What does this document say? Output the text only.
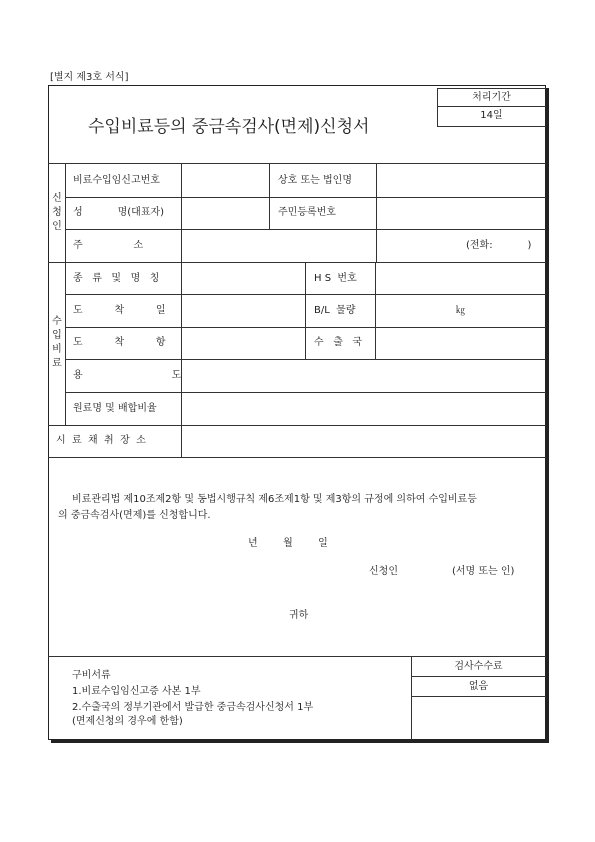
[별지 제3호 서식]
수입비료등의 중금속검사(면제)신청서
처리기간
14일
신
청
인
비료수입임신고번호	상호 또는 법인명
성           명(대표자)	주민등록번호
주                소	(전화:           )
수
입
비
료
종   류   및   명   칭	H S  번호
도          착          일	B/L  물량	㎏
도          착          항	수   출   국
용                            도
원료명 및 배합비율
시  료  채  취  장  소
비료관리법 제10조제2항 및 동법시행규칙 제6조제1항 및 제3항의 규정에 의하여 수입비료등
의 중금속검사(면제)를 신청합니다.
년        월        일
신청인	(서명 또는 인)
귀하
구비서류
1.비료수입임신고증 사본 1부
2.수출국의 정부기관에서 발급한 중금속검사신청서 1부
(면제신청의 경우에 한함)
검사수수료
없음
